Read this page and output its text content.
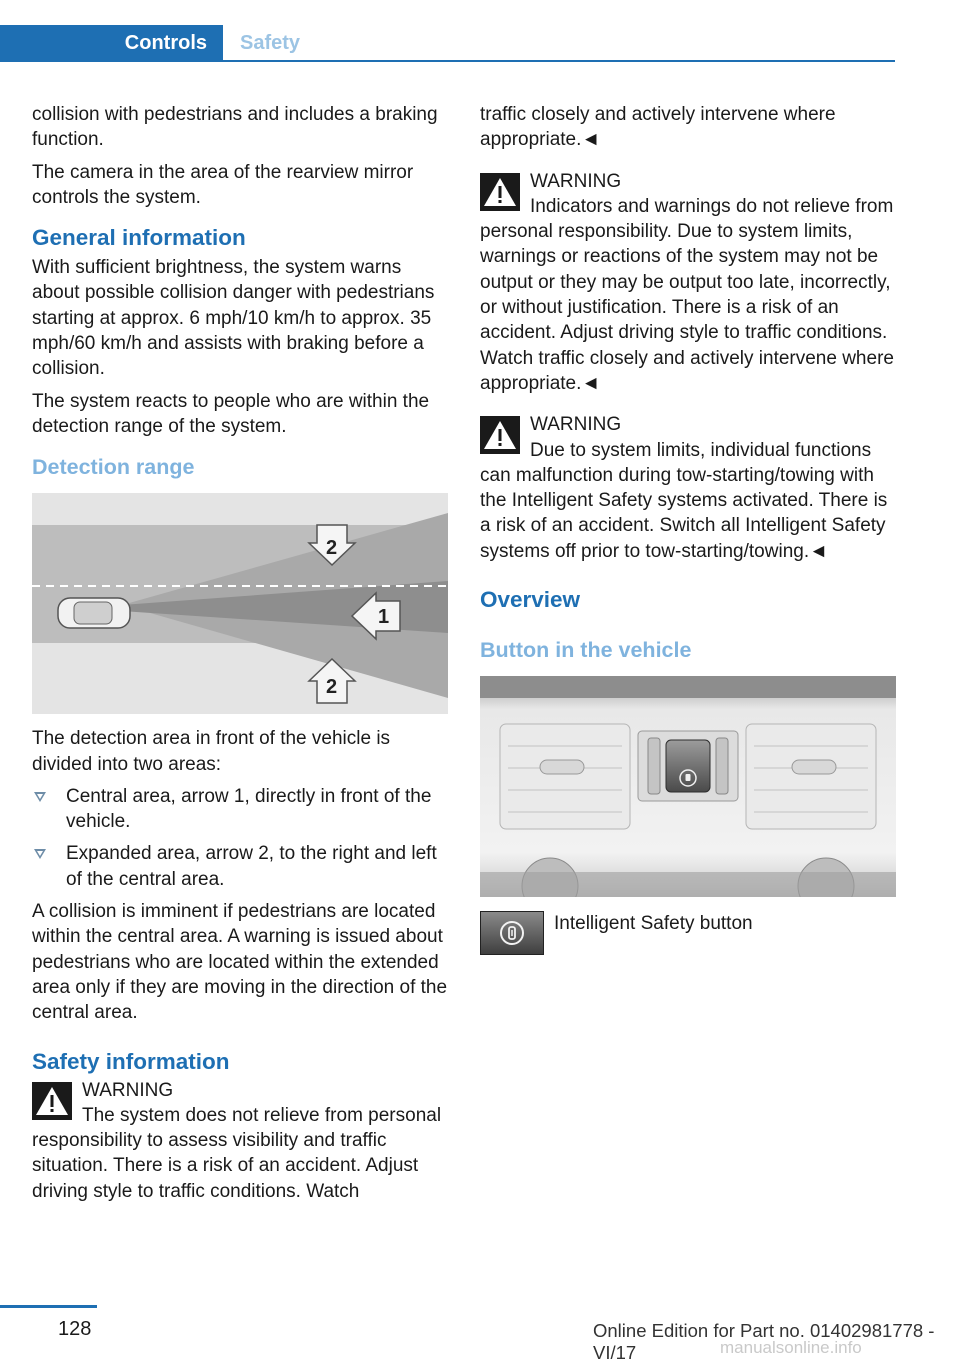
Controls	Safety

collision with pedestrians and includes a braking function.

The camera in the area of the rearview mirror controls the system.

General information

With sufficient brightness, the system warns about possible collision danger with pedestrians starting at approx. 6 mph/10 km/h to approx. 35 mph/60 km/h and assists with braking before a collision.

The system reacts to people who are within the detection range of the system.

Detection range
1
2
2

The detection area in front of the vehicle is divided into two areas:

Central area, arrow 1, directly in front of the vehicle.
Expanded area, arrow 2, to the right and left of the central area.

A collision is imminent if pedestrians are located within the central area. A warning is issued about pedestrians who are located within the extended area only if they are moving in the direction of the central area.

Safety information
WARNING
The system does not relieve from personal responsibility to assess visibility and traffic situation. There is a risk of an accident. Adjust driving style to traffic conditions. Watch

traffic closely and actively intervene where appropriate.◄

WARNING
Indicators and warnings do not relieve from personal responsibility. Due to system limits, warnings or reactions of the system may not be output or they may be output too late, incorrectly, or without justification. There is a risk of an accident. Adjust driving style to traffic conditions. Watch traffic closely and actively intervene where appropriate.◄
WARNING
Due to system limits, individual functions can malfunction during tow-starting/towing with the Intelligent Safety systems activated. There is a risk of an accident. Switch all Intelligent Safety systems off prior to tow-starting/towing.◄
Overview
Button in the vehicle
Intelligent Safety button
128	Online Edition for Part no. 01402981778 - VI/17	manualsonline.info
